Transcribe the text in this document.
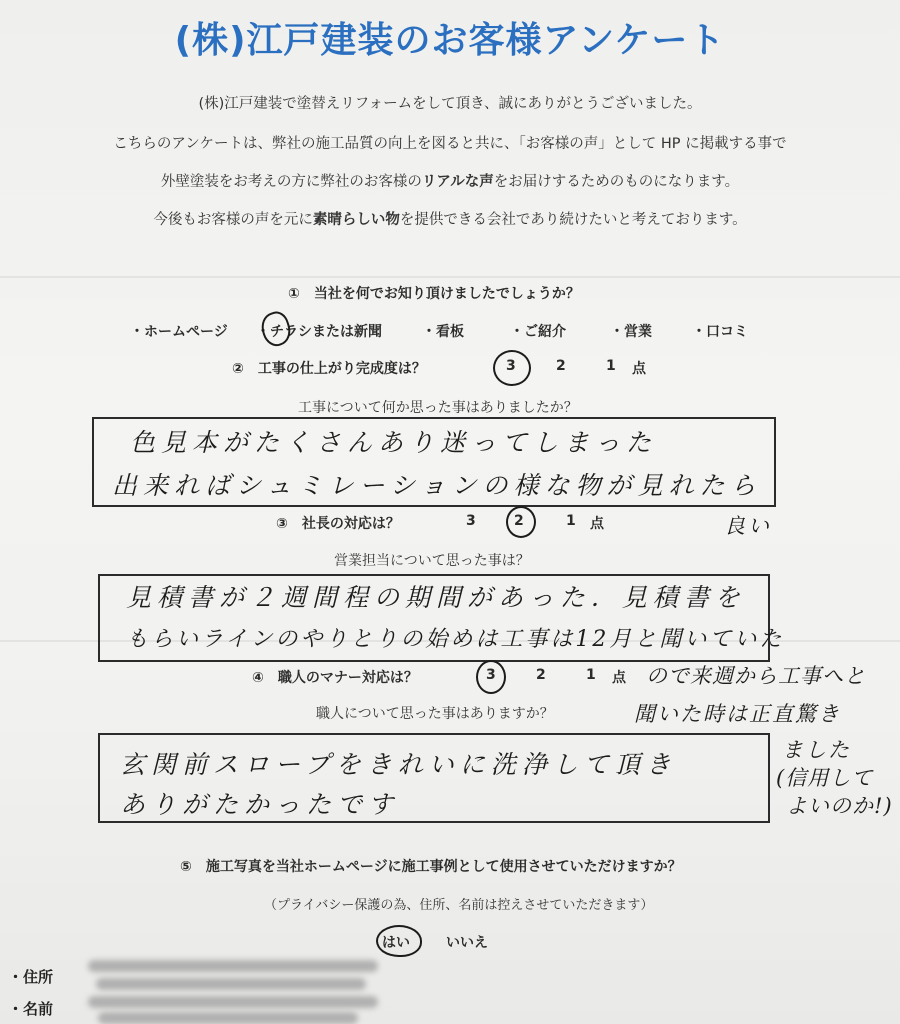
(株)江戸建装のお客様アンケート
(株)江戸建装で塗替えリフォームをして頂き、誠にありがとうございました。
こちらのアンケートは、弊社の施工品質の向上を図ると共に、「お客様の声」として HP に掲載する事で
外壁塗装をお考えの方に弊社のお客様のリアルな声をお届けするためのものになります。
今後もお客様の声を元に素晴らしい物を提供できる会社であり続けたいと考えております。
①　当社を何でお知り頂けましたでしょうか？
・ホームページ ・チラシまたは新聞	・看板	・ご紹介	・営業	・口コミ
②　工事の仕上がり完成度は？	3	2	1 点
工事について何か思った事はありましたか？
色見本がたくさんあり迷ってしまった
出来ればシュミレーションの様な物が見れたら
③　社長の対応は？	3	2	1 点	良い
営業担当について思った事は？
見積書が２週間程の期間があった．見積書を
もらいラインのやりとりの始めは工事は12月と聞いていた
④　職人のマナー対応は？	3	2	1 点 ので来週から工事へと
聞いた時は正直驚き
ました
(信用して
よいのか!)
職人について思った事はありますか？
玄関前スロープをきれいに洗浄して頂き
ありがたかったです
⑤　施工写真を当社ホームページに施工事例として使用させていただけますか？
（プライバシー保護の為、住所、名前は控えさせていただきます）
はい	いいえ
・住所
・名前
